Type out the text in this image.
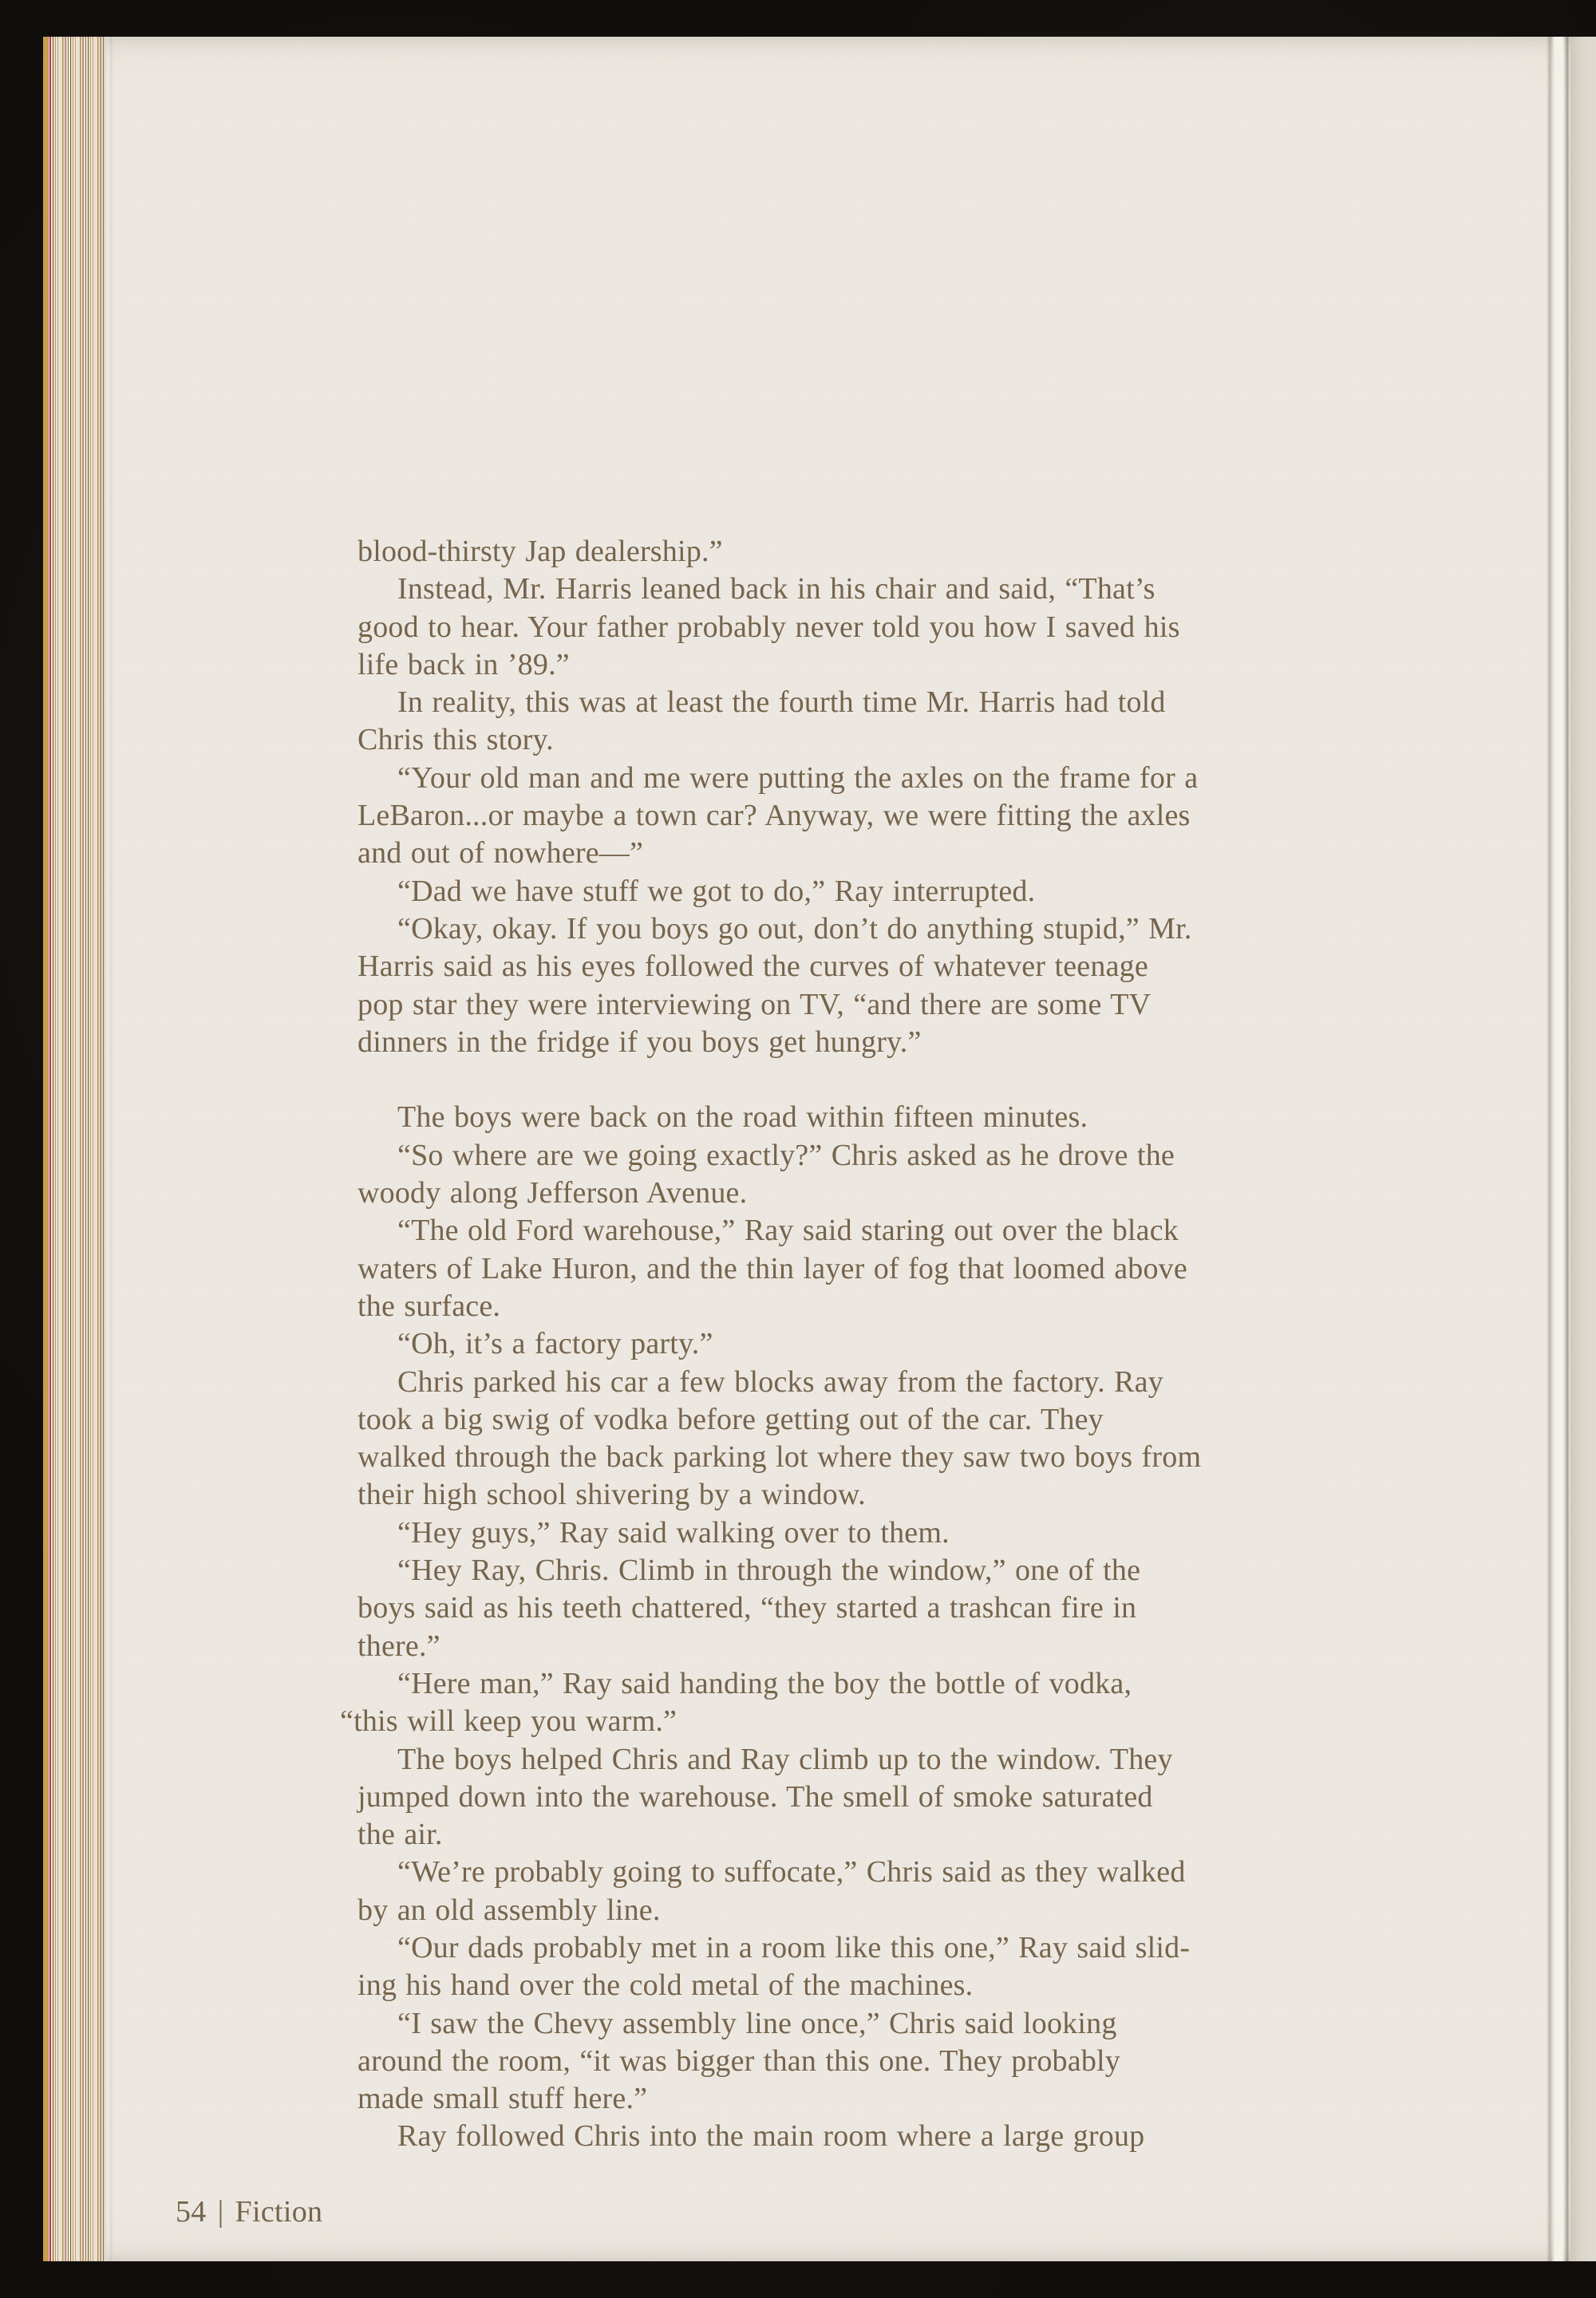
blood-thirsty Jap dealership.”
Instead, Mr. Harris leaned back in his chair and said, “That’s
good to hear. Your father probably never told you how I saved his
life back in ’89.”
In reality, this was at least the fourth time Mr. Harris had told
Chris this story.
“Your old man and me were putting the axles on the frame for a
LeBaron...or maybe a town car? Anyway, we were fitting the axles
and out of nowhere—”
“Dad we have stuff we got to do,” Ray interrupted.
“Okay, okay. If you boys go out, don’t do anything stupid,” Mr.
Harris said as his eyes followed the curves of whatever teenage
pop star they were interviewing on TV, “and there are some TV
dinners in the fridge if you boys get hungry.”
The boys were back on the road within fifteen minutes.
“So where are we going exactly?” Chris asked as he drove the
woody along Jefferson Avenue.
“The old Ford warehouse,” Ray said staring out over the black
waters of Lake Huron, and the thin layer of fog that loomed above
the surface.
“Oh, it’s a factory party.”
Chris parked his car a few blocks away from the factory. Ray
took a big swig of vodka before getting out of the car. They
walked through the back parking lot where they saw two boys from
their high school shivering by a window.
“Hey guys,” Ray said walking over to them.
“Hey Ray, Chris. Climb in through the window,” one of the
boys said as his teeth chattered, “they started a trashcan fire in
there.”
“Here man,” Ray said handing the boy the bottle of vodka,
“this will keep you warm.”
The boys helped Chris and Ray climb up to the window. They
jumped down into the warehouse. The smell of smoke saturated
the air.
“We’re probably going to suffocate,” Chris said as they walked
by an old assembly line.
“Our dads probably met in a room like this one,” Ray said slid-
ing his hand over the cold metal of the machines.
“I saw the Chevy assembly line once,” Chris said looking
around the room, “it was bigger than this one. They probably
made small stuff here.”
Ray followed Chris into the main room where a large group
54 | Fiction
